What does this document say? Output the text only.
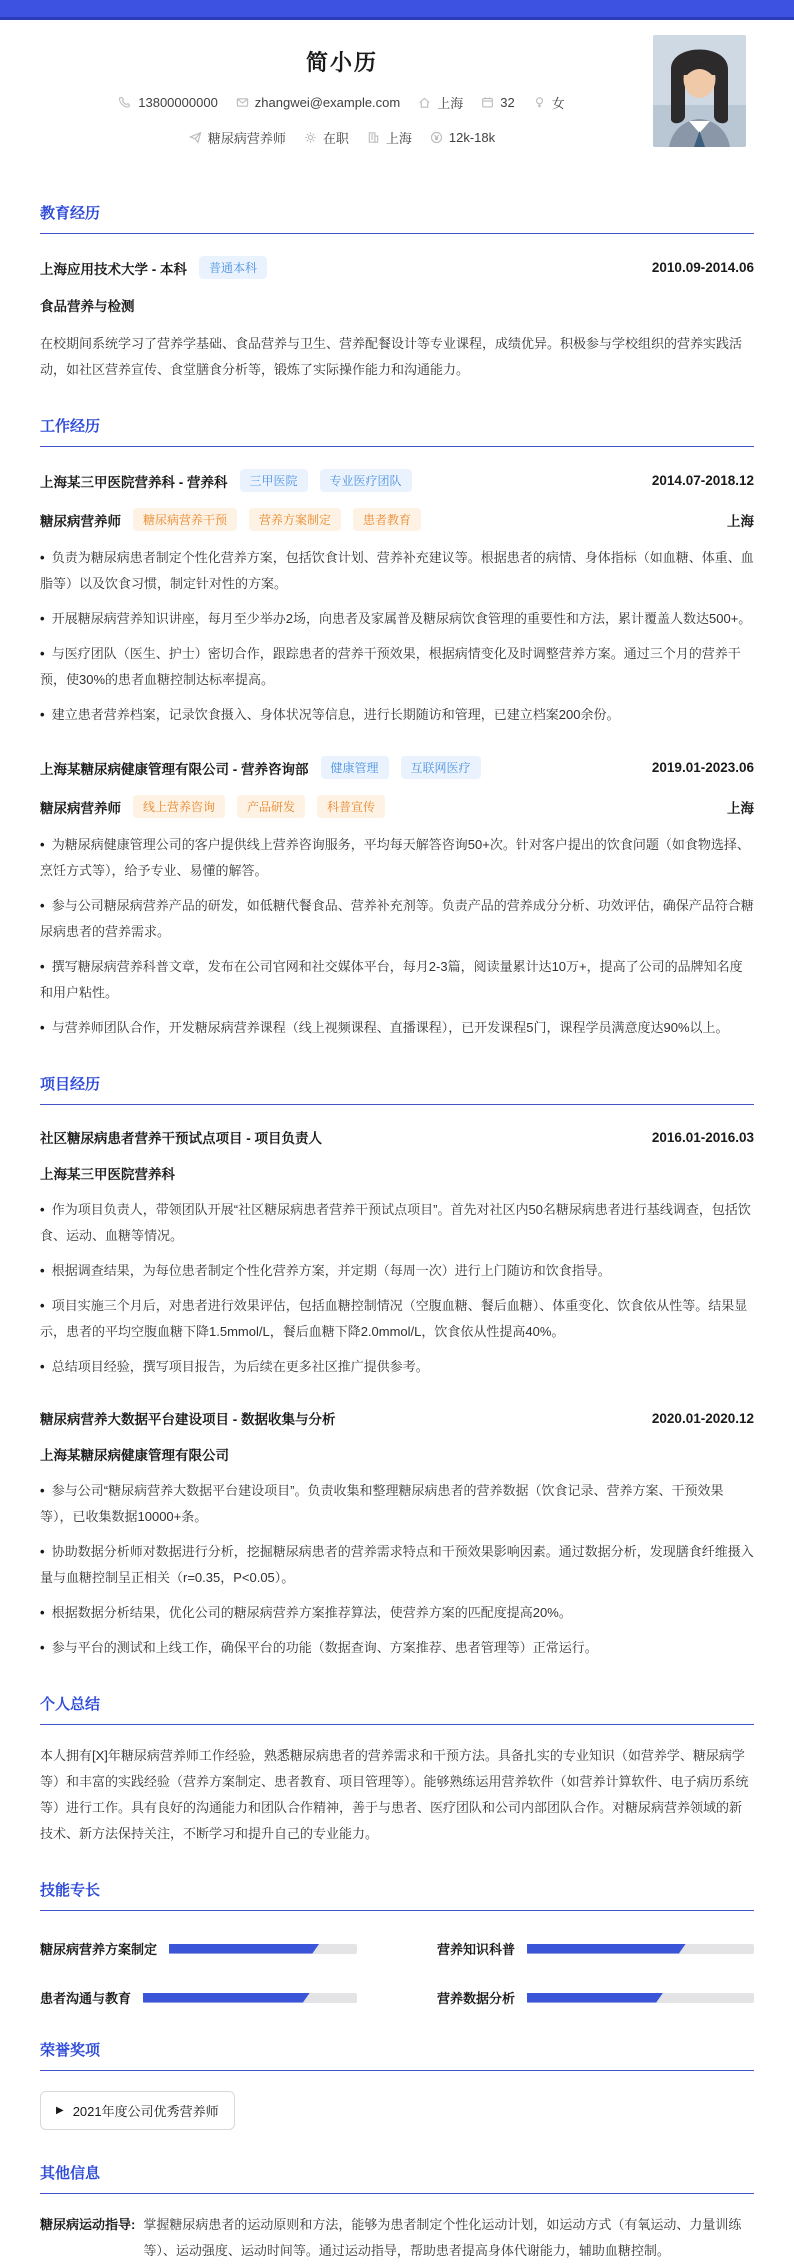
简小历
13800000000	zhangwei@example.com	上海	32	女
糖尿病营养师	在职	上海	12k-18k
教育经历
上海应用技术大学 - 本科	普通本科	2010.09-2014.06
食品营养与检测

在校期间系统学习了营养学基础、食品营养与卫生、营养配餐设计等专业课程，成绩优异。积极参与学校组织的营养实践活动，如社区营养宣传、食堂膳食分析等，锻炼了实际操作能力和沟通能力。

工作经历
上海某三甲医院营养科 - 营养科	三甲医院	专业医疗团队	2014.07-2018.12
糖尿病营养师	糖尿病营养干预	营养方案制定	患者教育	上海

•  负责为糖尿病患者制定个性化营养方案，包括饮食计划、营养补充建议等。根据患者的病情、身体指标（如血糖、体重、血脂等）以及饮食习惯，制定针对性的方案。

•  开展糖尿病营养知识讲座，每月至少举办2场，向患者及家属普及糖尿病饮食管理的重要性和方法，累计覆盖人数达500+。

•  与医疗团队（医生、护士）密切合作，跟踪患者的营养干预效果，根据病情变化及时调整营养方案。通过三个月的营养干预，使30%的患者血糖控制达标率提高。

•  建立患者营养档案，记录饮食摄入、身体状况等信息，进行长期随访和管理，已建立档案200余份。

上海某糖尿病健康管理有限公司 - 营养咨询部	健康管理	互联网医疗	2019.01-2023.06
糖尿病营养师	线上营养咨询	产品研发	科普宣传	上海

•  为糖尿病健康管理公司的客户提供线上营养咨询服务，平均每天解答咨询50+次。针对客户提出的饮食问题（如食物选择、烹饪方式等），给予专业、易懂的解答。

•  参与公司糖尿病营养产品的研发，如低糖代餐食品、营养补充剂等。负责产品的营养成分分析、功效评估，确保产品符合糖尿病患者的营养需求。

•  撰写糖尿病营养科普文章，发布在公司官网和社交媒体平台，每月2-3篇，阅读量累计达10万+，提高了公司的品牌知名度和用户粘性。

•  与营养师团队合作，开发糖尿病营养课程（线上视频课程、直播课程），已开发课程5门，课程学员满意度达90%以上。

项目经历
社区糖尿病患者营养干预试点项目 - 项目负责人	2016.01-2016.03
上海某三甲医院营养科

•  作为项目负责人，带领团队开展“社区糖尿病患者营养干预试点项目”。首先对社区内50名糖尿病患者进行基线调查，包括饮食、运动、血糖等情况。

•  根据调查结果，为每位患者制定个性化营养方案，并定期（每周一次）进行上门随访和饮食指导。

•  项目实施三个月后，对患者进行效果评估，包括血糖控制情况（空腹血糖、餐后血糖）、体重变化、饮食依从性等。结果显示，患者的平均空腹血糖下降1.5mmol/L，餐后血糖下降2.0mmol/L，饮食依从性提高40%。

•  总结项目经验，撰写项目报告，为后续在更多社区推广提供参考。

糖尿病营养大数据平台建设项目 - 数据收集与分析	2020.01-2020.12
上海某糖尿病健康管理有限公司

•  参与公司“糖尿病营养大数据平台建设项目”。负责收集和整理糖尿病患者的营养数据（饮食记录、营养方案、干预效果等），已收集数据10000+条。

•  协助数据分析师对数据进行分析，挖掘糖尿病患者的营养需求特点和干预效果影响因素。通过数据分析，发现膳食纤维摄入量与血糖控制呈正相关（r=0.35，P<0.05）。

•  根据数据分析结果，优化公司的糖尿病营养方案推荐算法，使营养方案的匹配度提高20%。

•  参与平台的测试和上线工作，确保平台的功能（数据查询、方案推荐、患者管理等）正常运行。

个人总结

本人拥有[X]年糖尿病营养师工作经验，熟悉糖尿病患者的营养需求和干预方法。具备扎实的专业知识（如营养学、糖尿病学等）和丰富的实践经验（营养方案制定、患者教育、项目管理等）。能够熟练运用营养软件（如营养计算软件、电子病历系统等）进行工作。具有良好的沟通能力和团队合作精神，善于与患者、医疗团队和公司内部团队合作。对糖尿病营养领域的新技术、新方法保持关注，不断学习和提升自己的专业能力。

技能专长
糖尿病营养方案制定	营养知识科普
患者沟通与教育	营养数据分析
荣誉奖项
▶ 2021年度公司优秀营养师
其他信息
糖尿病运动指导: 掌握糖尿病患者的运动原则和方法，能够为患者制定个性化运动计划，如运动方式（有氧运动、力量训练等）、运动强度、运动时间等。通过运动指导，帮助患者提高身体代谢能力，辅助血糖控制。
